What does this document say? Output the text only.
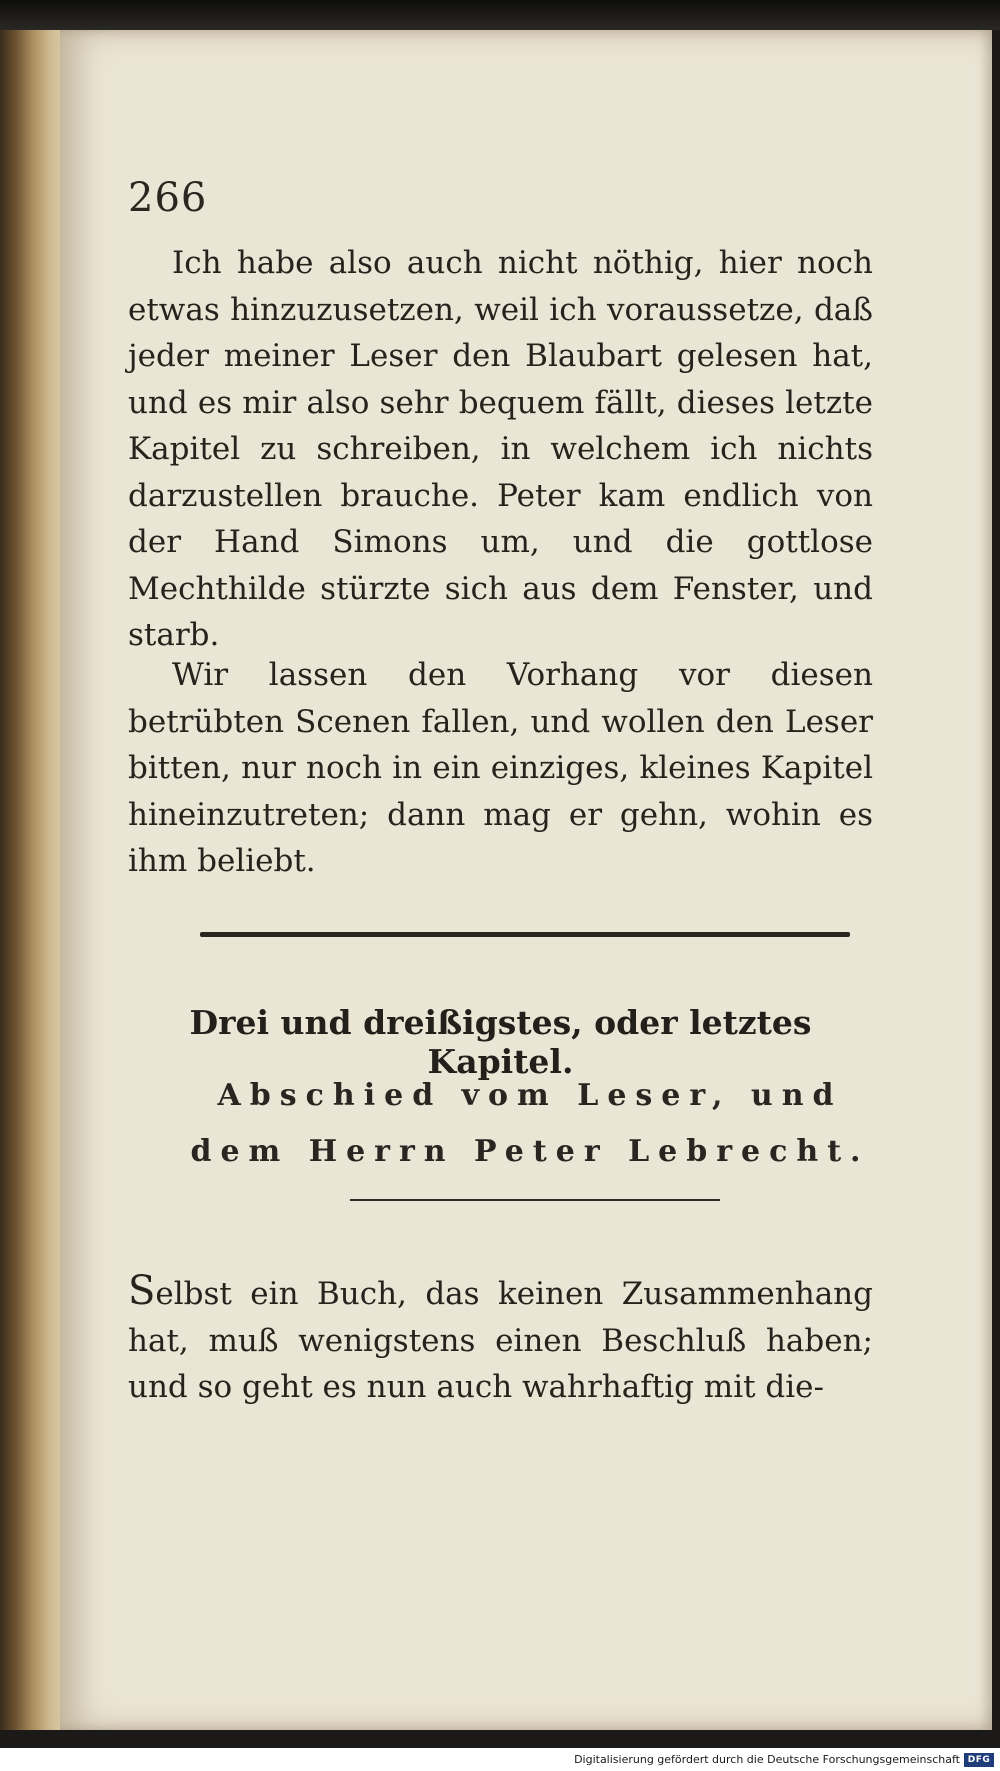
266

Ich habe also auch nicht nöthig, hier noch etwas hinzuzusetzen, weil ich voraussetze, daß jeder meiner Leser den Blaubart gelesen hat, und es mir also sehr bequem fällt, dieses letzte Kapitel zu schreiben, in welchem ich nichts darzustellen brauche. Peter kam endlich von der Hand Simons um, und die gottlose Mechthilde stürzte sich aus dem Fenster, und starb.

Wir lassen den Vorhang vor diesen betrübten Scenen fallen, und wollen den Leser bitten, nur noch in ein einziges, kleines Kapitel hineinzutreten; dann mag er gehn, wohin es ihm beliebt.

Drei und dreißigstes, oder letztes Kapitel.
Abschied vom Leser, und dem Herrn Peter Lebrecht.

Selbst ein Buch, das keinen Zusammenhang hat, muß wenigstens einen Beschluß haben; und so geht es nun auch wahrhaftig mit die-

Digitalisierung gefördert durch die Deutsche Forschungsgemeinschaft DFG
